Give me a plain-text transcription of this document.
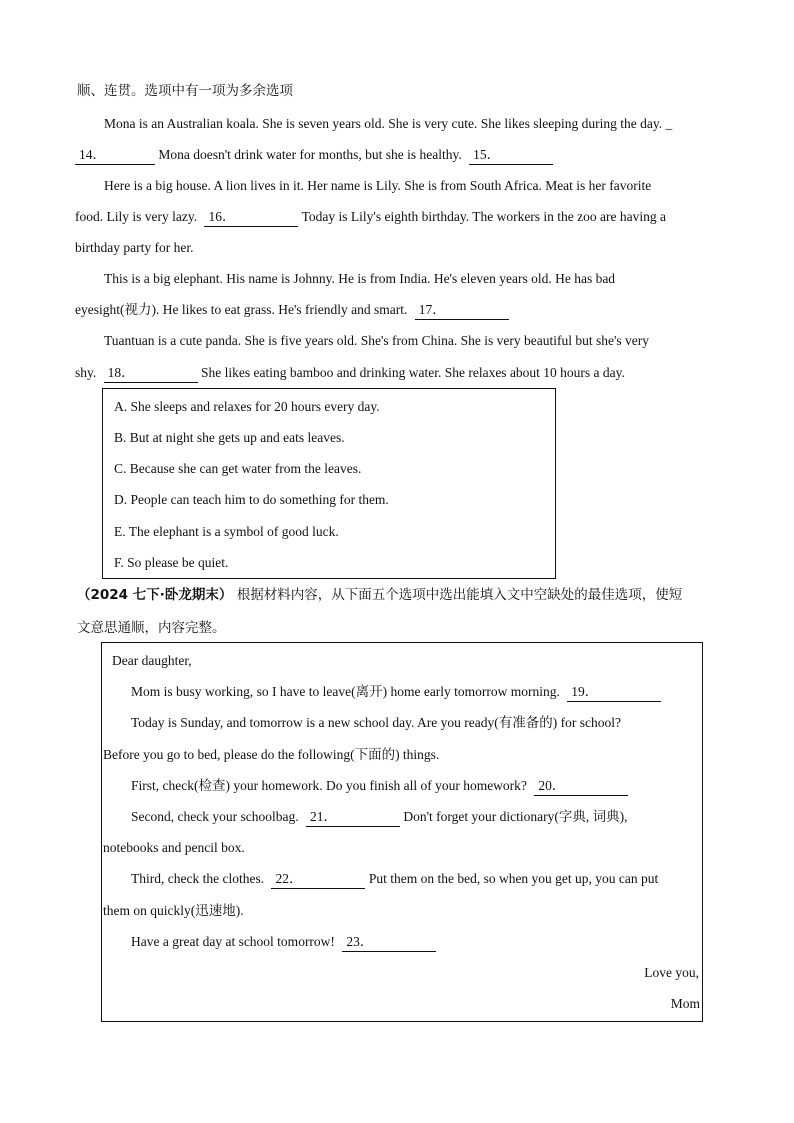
顺、连贯。选项中有一项为多余选项
Mona is an Australian koala. She is seven years old. She is very cute. She likes sleeping during the day. _
14．	Mona doesn't drink water for months, but she is healthy. 15．
Here is a big house. A lion lives in it. Her name is Lily. She is from South Africa. Meat is her favorite
food. Lily is very lazy. 16．	Today is Lily's eighth birthday. The workers in the zoo are having a
birthday party for her.
This is a big elephant. His name is Johnny. He is from India. He's eleven years old. He has bad
eyesight(视力). He likes to eat grass. He's friendly and smart. 17．
Tuantuan is a cute panda. She is five years old. She's from China. She is very beautiful but she's very
shy. 18．	She likes eating bamboo and drinking water. She relaxes about 10 hours a day.
A. She sleeps and relaxes for 20 hours every day.
B. But at night she gets up and eats leaves.
C. Because she can get water from the leaves.
D. People can teach him to do something for them.
E. The elephant is a symbol of good luck.
F. So please be quiet.
（2024 七下·卧龙期末） 根据材料内容，从下面五个选项中选出能填入文中空缺处的最佳选项，使短
文意思通顺，内容完整。
Dear daughter,
Mom is busy working, so I have to leave(离开) home early tomorrow morning. 19．
Today is Sunday, and tomorrow is a new school day. Are you ready(有准备的) for school?
Before you go to bed, please do the following(下面的) things.
First, check(检查) your homework. Do you finish all of your homework? 20．
Second, check your schoolbag. 21．	Don't forget your dictionary(字典, 词典),
notebooks and pencil box.
Third, check the clothes. 22．	Put them on the bed, so when you get up, you can put
them on quickly(迅速地).
Have a great day at school tomorrow! 23．
Love you,
Mom
